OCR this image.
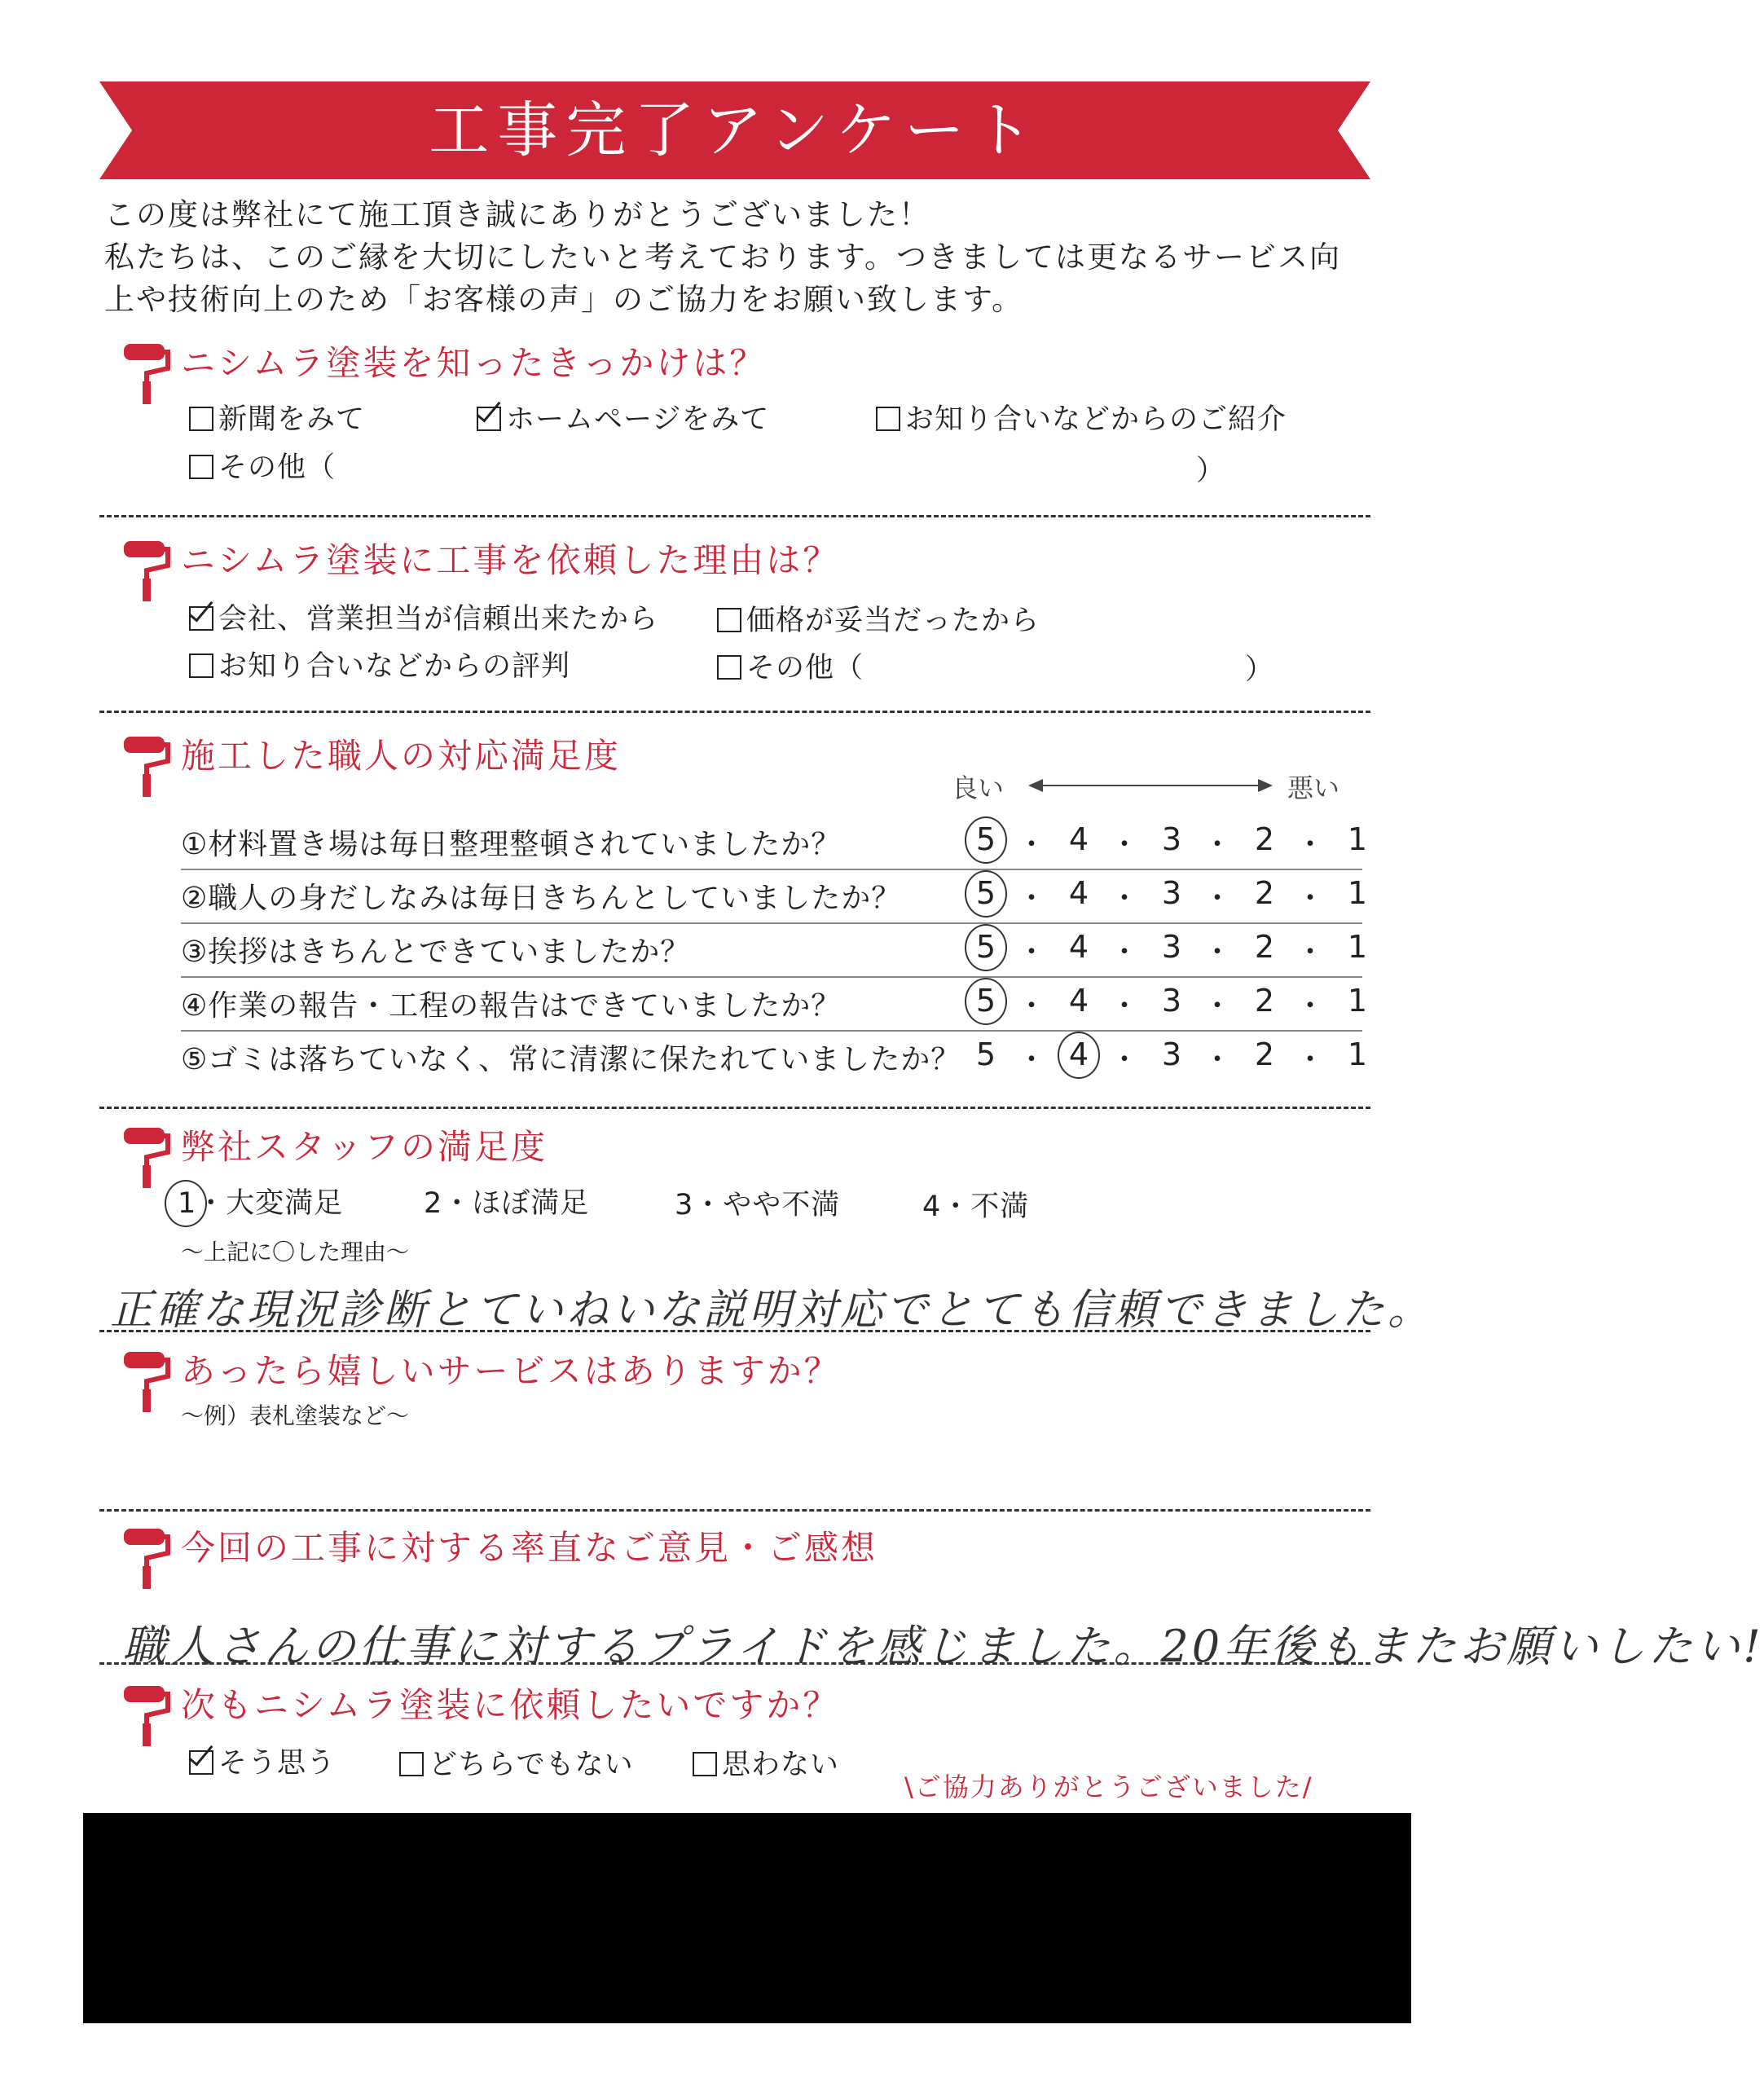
工事完了アンケート

この度は弊社にて施工頂き誠にありがとうございました！

私たちは、このご縁を大切にしたいと考えております。つきましては更なるサービス向

上や技術向上のため「お客様の声」のご協力をお願い致します。

ニシムラ塗装を知ったきっかけは？
新聞をみて	ホームページをみて	お知り合いなどからのご紹介
その他（	）
ニシムラ塗装に工事を依頼した理由は？
会社、営業担当が信頼出来たから	価格が妥当だったから
お知り合いなどからの評判	その他（	）
施工した職人の対応満足度
良い	悪い
①材料置き場は毎日整理整頓されていましたか？	5 ・ 4 ・ 3 ・ 2 ・ 1
②職人の身だしなみは毎日きちんとしていましたか？ 5 ・ 4 ・ 3 ・ 2 ・ 1
③挨拶はきちんとできていましたか？	5 ・ 4 ・ 3 ・ 2 ・ 1
④作業の報告・工程の報告はできていましたか？	5 ・ 4 ・ 3 ・ 2 ・ 1
⑤ゴミは落ちていなく、常に清潔に保たれていましたか？ 5 ・ 4 ・ 3 ・ 2 ・ 1
弊社スタッフの満足度
1・大変満足	2・ほぼ満足	3・やや不満	4・不満
〜上記に〇した理由〜
正確な現況診断とていねいな説明対応でとても信頼できました。
あったら嬉しいサービスはありますか？
〜例）表札塗装など〜
今回の工事に対する率直なご意見・ご感想
職人さんの仕事に対するプライドを感じました。20年後もまたお願いしたい!
次もニシムラ塗装に依頼したいですか？
そう思う	どちらでもない	思わない
\ご協力ありがとうございました/
